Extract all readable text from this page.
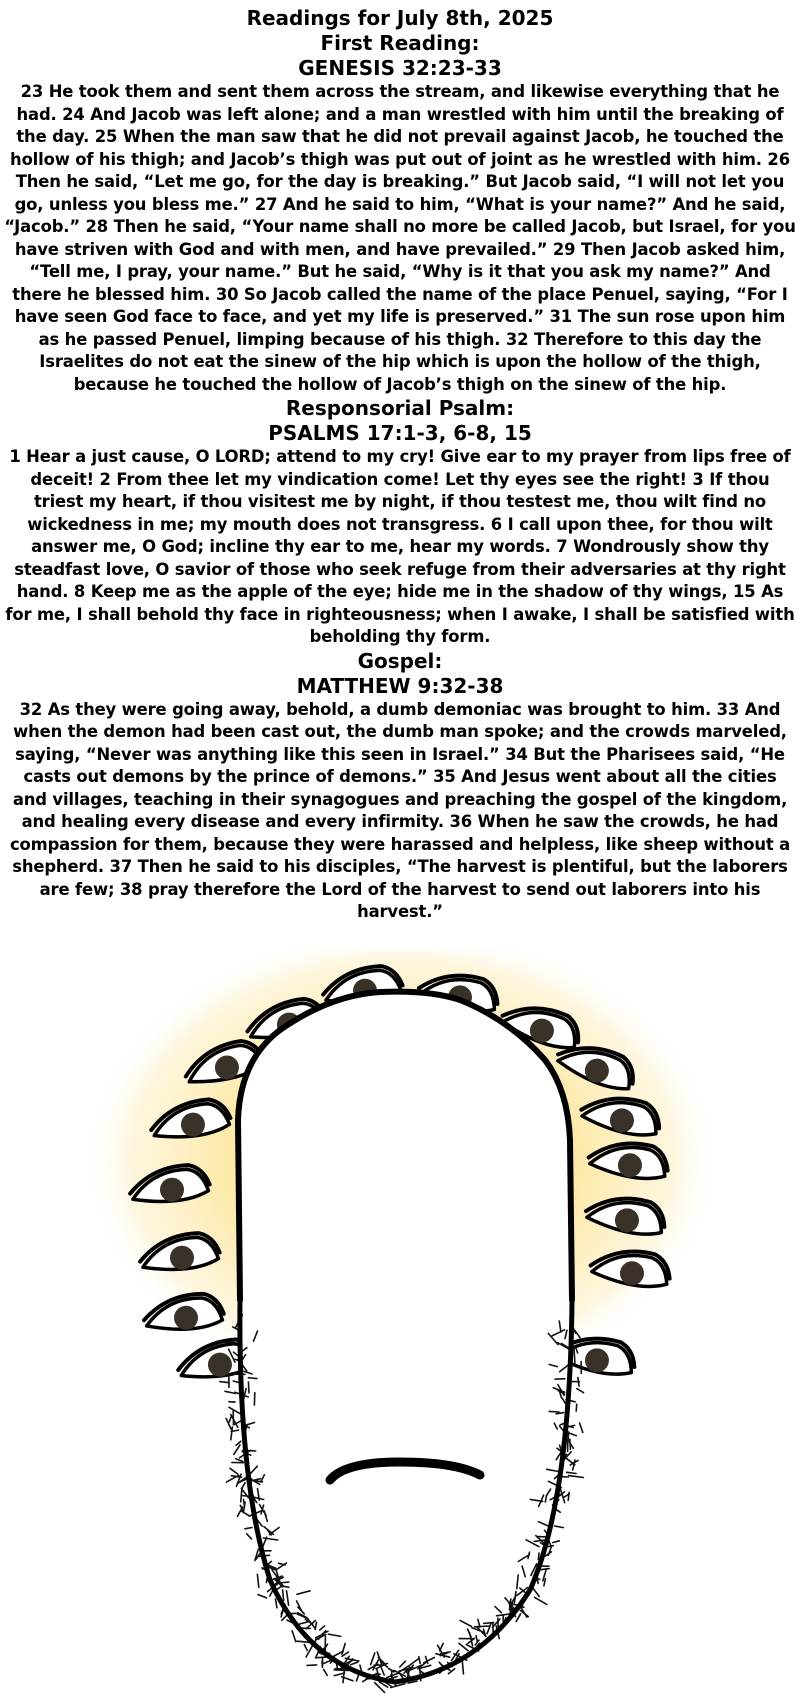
Readings for July 8th, 2025
First Reading:
GENESIS 32:23-33

23 He took them and sent them across the stream, and likewise everything that he had. 24 And Jacob was left alone; and a man wrestled with him until the breaking of the day. 25 When the man saw that he did not prevail against Jacob, he touched the hollow of his thigh; and Jacob’s thigh was put out of joint as he wrestled with him. 26 Then he said, “Let me go, for the day is breaking.” But Jacob said, “I will not let you go, unless you bless me.” 27 And he said to him, “What is your name?” And he said, “Jacob.” 28 Then he said, “Your name shall no more be called Jacob, but Israel, for you have striven with God and with men, and have prevailed.” 29 Then Jacob asked him, “Tell me, I pray, your name.” But he said, “Why is it that you ask my name?” And there he blessed him. 30 So Jacob called the name of the place Penuel, saying, “For I have seen God face to face, and yet my life is preserved.” 31 The sun rose upon him as he passed Penuel, limping because of his thigh. 32 Therefore to this day the Israelites do not eat the sinew of the hip which is upon the hollow of the thigh, because he touched the hollow of Jacob’s thigh on the sinew of the hip.

Responsorial Psalm:
PSALMS 17:1-3, 6-8, 15

1 Hear a just cause, O LORD; attend to my cry! Give ear to my prayer from lips free of deceit! 2 From thee let my vindication come! Let thy eyes see the right! 3 If thou triest my heart, if thou visitest me by night, if thou testest me, thou wilt find no wickedness in me; my mouth does not transgress. 6 I call upon thee, for thou wilt answer me, O God; incline thy ear to me, hear my words. 7 Wondrously show thy steadfast love, O savior of those who seek refuge from their adversaries at thy right hand. 8 Keep me as the apple of the eye; hide me in the shadow of thy wings, 15 As for me, I shall behold thy face in righteousness; when I awake, I shall be satisfied with beholding thy form.

Gospel:
MATTHEW 9:32-38

32 As they were going away, behold, a dumb demoniac was brought to him. 33 And when the demon had been cast out, the dumb man spoke; and the crowds marveled, saying, “Never was anything like this seen in Israel.” 34 But the Pharisees said, “He casts out demons by the prince of demons.” 35 And Jesus went about all the cities and villages, teaching in their synagogues and preaching the gospel of the kingdom, and healing every disease and every infirmity. 36 When he saw the crowds, he had compassion for them, because they were harassed and helpless, like sheep without a shepherd. 37 Then he said to his disciples, “The harvest is plentiful, but the laborers are few; 38 pray therefore the Lord of the harvest to send out laborers into his harvest.”
